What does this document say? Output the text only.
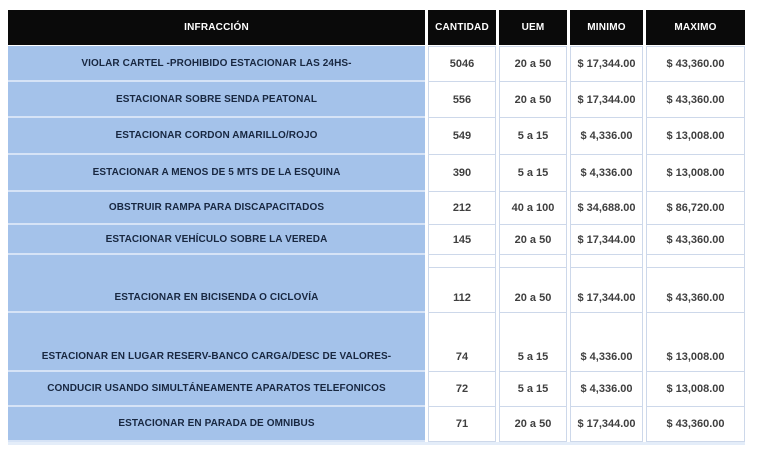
INFRACCIÓN	CANTIDAD	UEM	MINIMO	MAXIMO
VIOLAR CARTEL -PROHIBIDO ESTACIONAR LAS 24HS-	5046	20 a 50	$ 17,344.00	$ 43,360.00
ESTACIONAR SOBRE SENDA PEATONAL	556	20 a 50	$ 17,344.00	$ 43,360.00
ESTACIONAR CORDON AMARILLO/ROJO	549	5 a 15	$ 4,336.00	$ 13,008.00
ESTACIONAR A MENOS DE 5 MTS DE LA ESQUINA	390	5 a 15	$ 4,336.00	$ 13,008.00
OBSTRUIR RAMPA PARA DISCAPACITADOS	212	40 a 100	$ 34,688.00	$ 86,720.00
ESTACIONAR VEHÍCULO SOBRE LA VEREDA	145	20 a 50	$ 17,344.00	$ 43,360.00
ESTACIONAR EN BICISENDA O CICLOVÍA	112	20 a 50	$ 17,344.00	$ 43,360.00
ESTACIONAR EN LUGAR RESERV-BANCO CARGA/DESC DE VALORES-	74	5 a 15	$ 4,336.00	$ 13,008.00
CONDUCIR USANDO SIMULTÁNEAMENTE APARATOS TELEFONICOS	72	5 a 15	$ 4,336.00	$ 13,008.00
ESTACIONAR EN PARADA DE OMNIBUS	71	20 a 50	$ 17,344.00	$ 43,360.00
